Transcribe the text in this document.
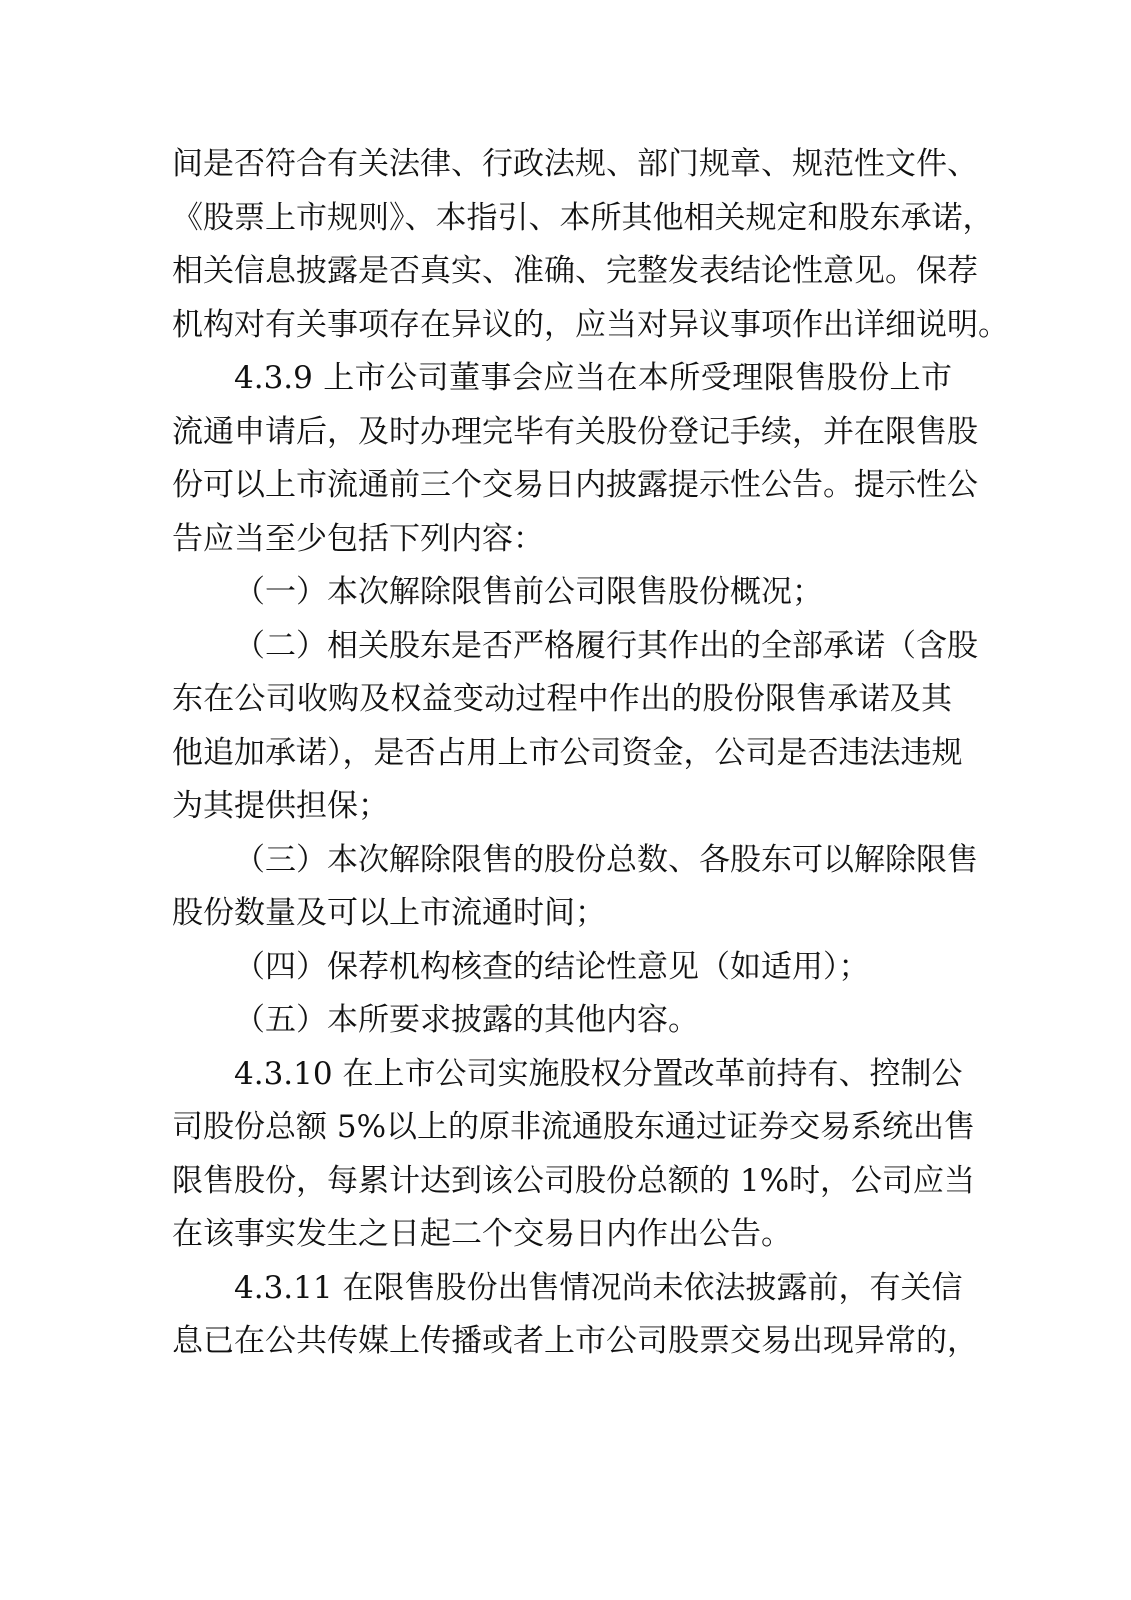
间是否符合有关法律、行政法规、部门规章、规范性文件、
《股票上市规则》、本指引、本所其他相关规定和股东承诺，
相关信息披露是否真实、准确、完整发表结论性意见。保荐
机构对有关事项存在异议的，应当对异议事项作出详细说明。
4.3.9 上市公司董事会应当在本所受理限售股份上市
流通申请后，及时办理完毕有关股份登记手续，并在限售股
份可以上市流通前三个交易日内披露提示性公告。提示性公
告应当至少包括下列内容：
（一）本次解除限售前公司限售股份概况；
（二）相关股东是否严格履行其作出的全部承诺（含股
东在公司收购及权益变动过程中作出的股份限售承诺及其
他追加承诺），是否占用上市公司资金，公司是否违法违规
为其提供担保；
（三）本次解除限售的股份总数、各股东可以解除限售
股份数量及可以上市流通时间；
（四）保荐机构核查的结论性意见（如适用）；
（五）本所要求披露的其他内容。
4.3.10 在上市公司实施股权分置改革前持有、控制公
司股份总额 5%以上的原非流通股东通过证券交易系统出售
限售股份，每累计达到该公司股份总额的 1%时，公司应当
在该事实发生之日起二个交易日内作出公告。
4.3.11 在限售股份出售情况尚未依法披露前，有关信
息已在公共传媒上传播或者上市公司股票交易出现异常的，
